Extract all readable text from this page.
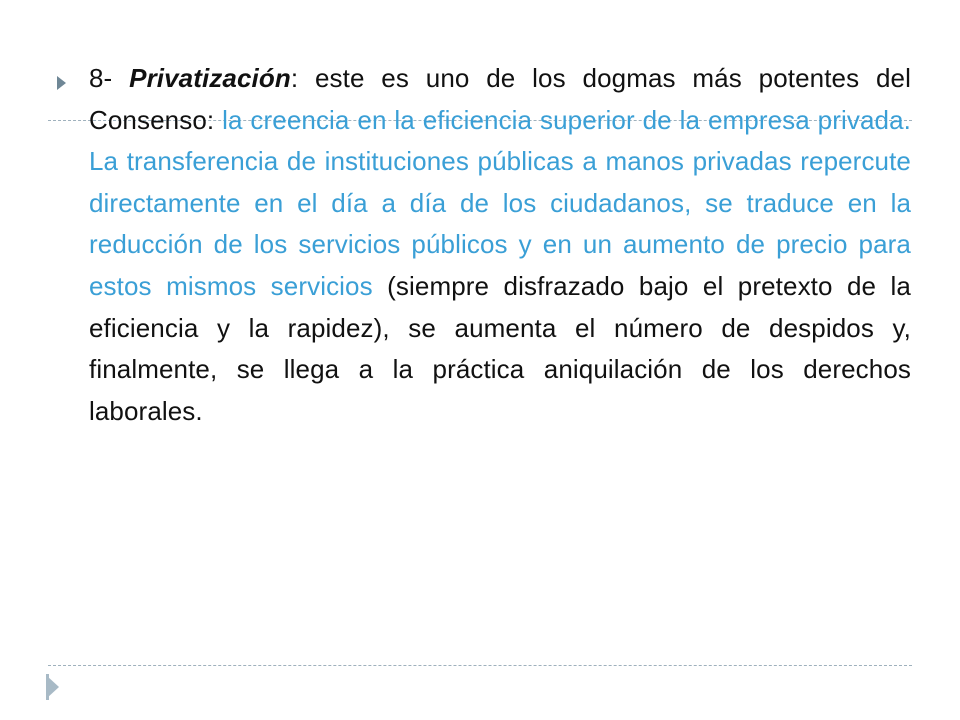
8- Privatización: este es uno de los dogmas más potentes del Consenso: la creencia en la eficiencia superior de la empresa privada. La transferencia de instituciones públicas a manos privadas repercute directamente en el día a día de los ciudadanos, se traduce en la reducción de los servicios públicos y en un aumento de precio para estos mismos servicios (siempre disfrazado bajo el pretexto de la eficiencia y la rapidez), se aumenta el número de despidos y, finalmente, se llega a la práctica aniquilación de los derechos laborales.
